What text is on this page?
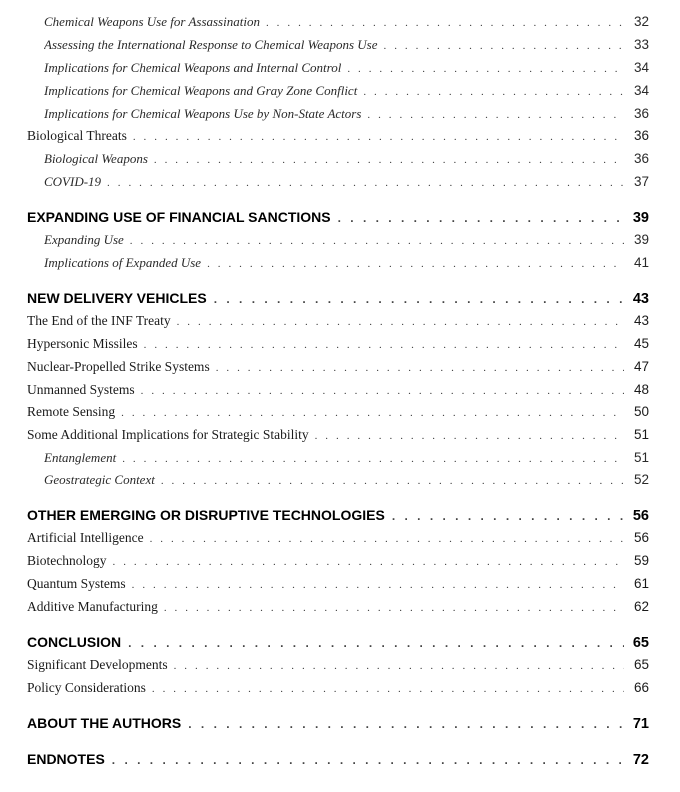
Chemical Weapons Use for Assassination . . .	32
Assessing the International Response to Chemical Weapons Use . . .	33
Implications for Chemical Weapons and Internal Control . . .	34
Implications for Chemical Weapons and Gray Zone Conflict . . .	34
Implications for Chemical Weapons Use by Non-State Actors . . .	36
Biological Threats . . .	36
Biological Weapons . . .	36
COVID-19 . . .	37
EXPANDING USE OF FINANCIAL SANCTIONS . . .	39
Expanding Use . . .	39
Implications of Expanded Use . . .	41
NEW DELIVERY VEHICLES . . .	43
The End of the INF Treaty . . .	43
Hypersonic Missiles . . .	45
Nuclear-Propelled Strike Systems . . .	47
Unmanned Systems . . .	48
Remote Sensing . . .	50
Some Additional Implications for Strategic Stability . . .	51
Entanglement . . .	51
Geostrategic Context . . .	52
OTHER EMERGING OR DISRUPTIVE TECHNOLOGIES . . .	56
Artificial Intelligence . . .	56
Biotechnology . . .	59
Quantum Systems . . .	61
Additive Manufacturing . . .	62
CONCLUSION . . .	65
Significant Developments . . .	65
Policy Considerations . . .	66
ABOUT THE AUTHORS . . .	71
ENDNOTES . . .	72
